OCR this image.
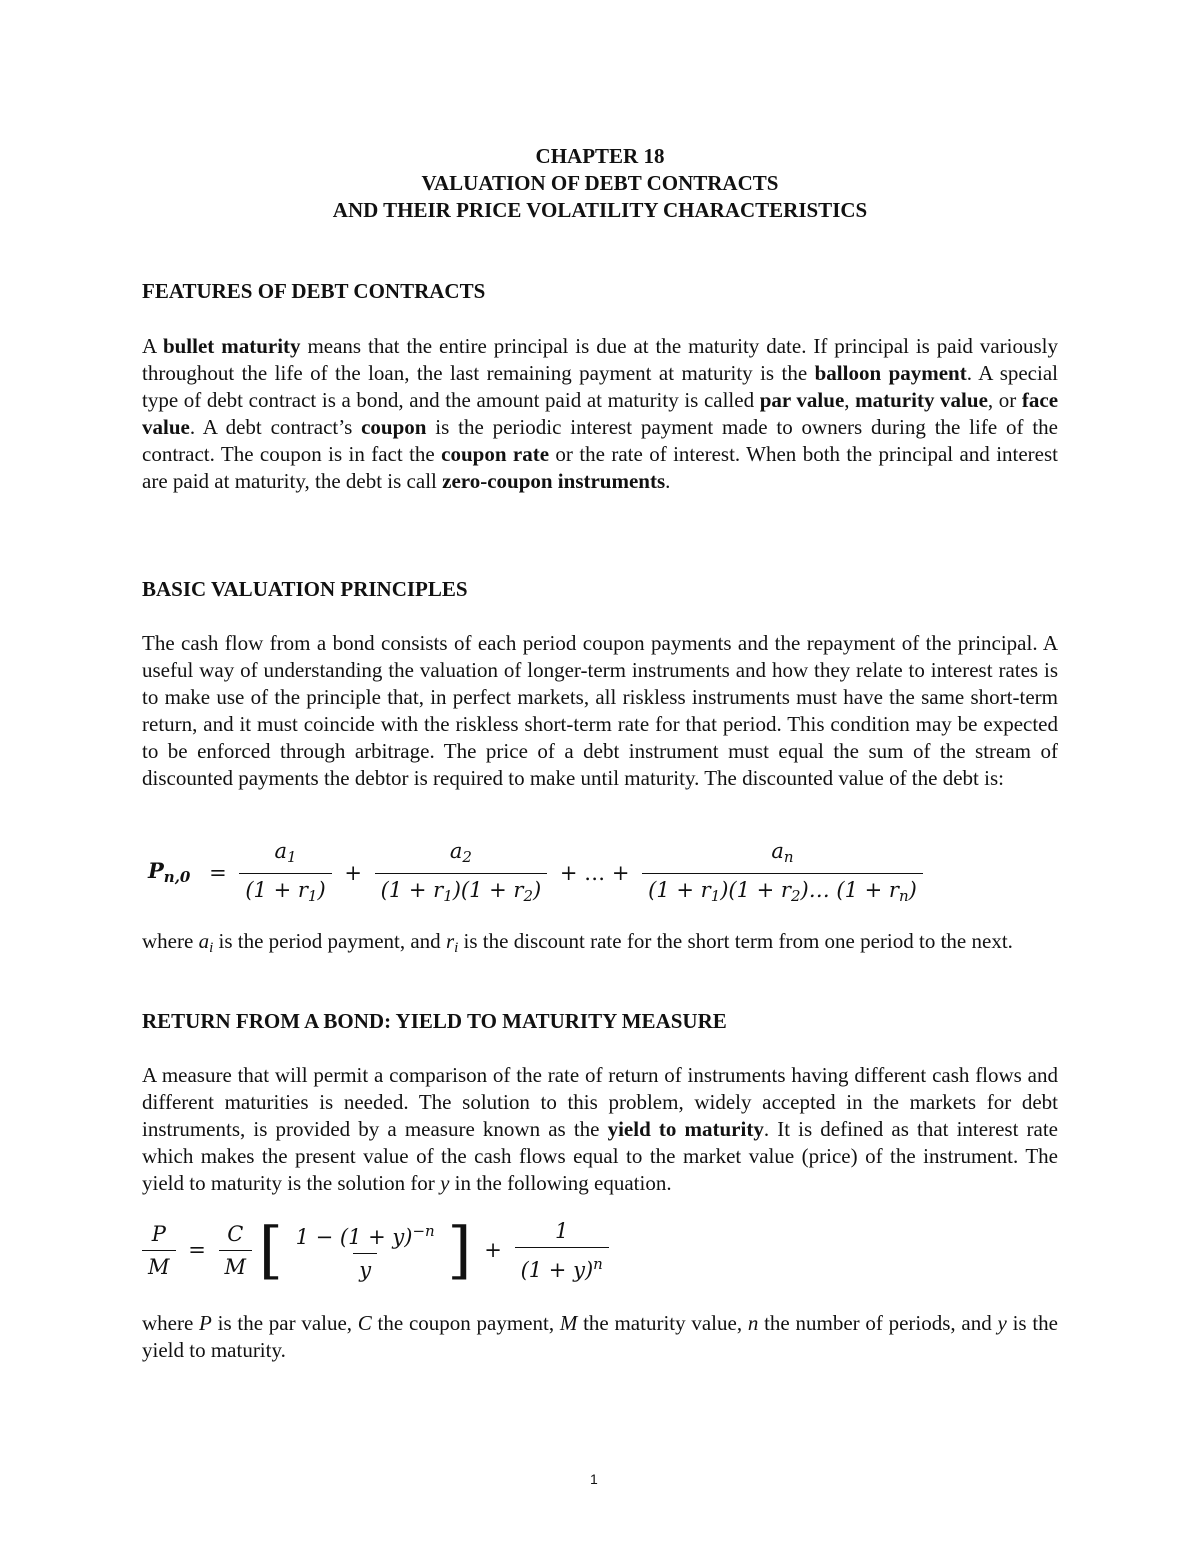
CHAPTER 18
VALUATION OF DEBT CONTRACTS
AND THEIR PRICE VOLATILITY CHARACTERISTICS
FEATURES OF DEBT CONTRACTS

A bullet maturity means that the entire principal is due at the maturity date. If principal is paid variously throughout the life of the loan, the last remaining payment at maturity is the balloon payment. A special type of debt contract is a bond, and the amount paid at maturity is called par value, maturity value, or face value. A debt contract’s coupon is the periodic interest payment made to owners during the life of the contract. The coupon is in fact the coupon rate or the rate of interest. When both the principal and interest are paid at maturity, the debt is call zero-coupon instruments.

BASIC VALUATION PRINCIPLES

The cash flow from a bond consists of each period coupon payments and the repayment of the principal. A useful way of understanding the valuation of longer-term instruments and how they relate to interest rates is to make use of the principle that, in perfect markets, all riskless instruments must have the same short-term return, and it must coincide with the riskless short-term rate for that period. This condition may be expected to be enforced through arbitrage. The price of a debt instrument must equal the sum of the stream of discounted payments the debtor is required to make until maturity. The discounted value of the debt is:

$P_{n,0} = \frac{a_1}{(1 + r_1)} + \frac{a_2}{(1 + r_1)(1 + r_2)}$ + … + $\frac{a_n}{(1 + r_1)(1 + r_2)\dots (1 + r_n)}$

where $a_i$ is the period payment, and $r_i$ is the discount rate for the short term from one period to the next.

RETURN FROM A BOND: YIELD TO MATURITY MEASURE

A measure that will permit a comparison of the rate of return of instruments having different cash flows and different maturities is needed. The solution to this problem, widely accepted in the markets for debt instruments, is provided by a measure known as the yield to maturity. It is defined as that interest rate which makes the present value of the cash flows equal to the market value (price) of the instrument. The yield to maturity is the solution for y in the following equation.

$\frac{P}{M} = \frac{C}{M}$ [ $\frac{1 - (1 + y)^{-n}}{y}$ ] + $\frac{1}{(1 + y)^n}$

where P is the par value, C the coupon payment, M the maturity value, n the number of periods, and y is the yield to maturity.

1
